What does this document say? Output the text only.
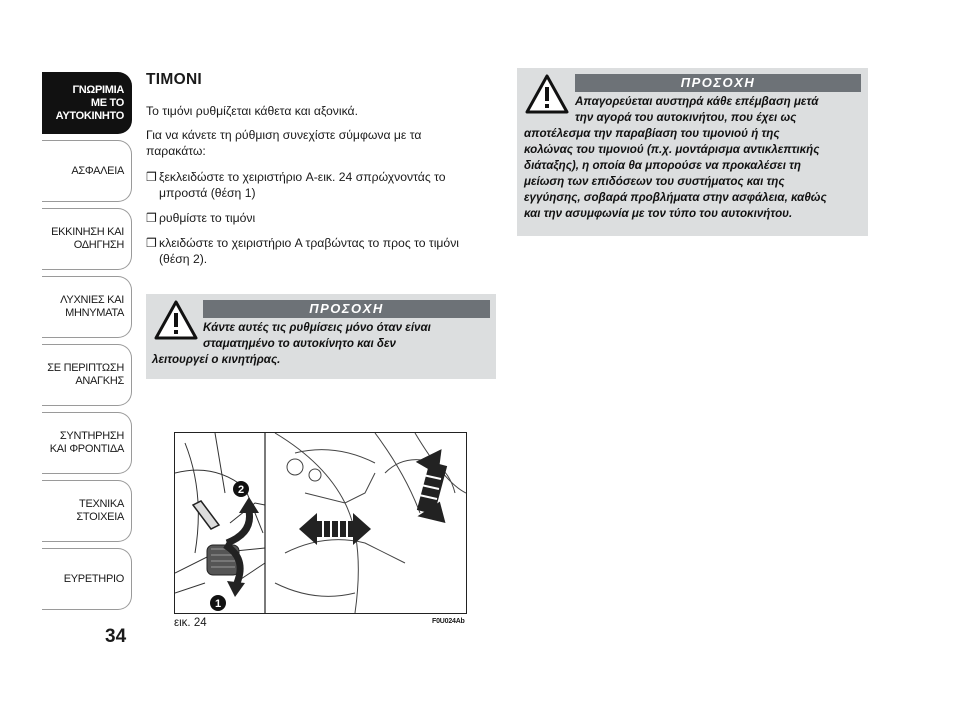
ΓΝΩΡΙΜΙΑ
ΜΕ ΤΟ
ΑΥΤΟΚΙΝΗΤΟ
ΑΣΦΑΛΕΙΑ
ΕΚΚΙΝΗΣΗ ΚΑΙ
ΟΔΗΓΗΣΗ
ΛΥΧΝΙΕΣ ΚΑΙ
ΜΗΝΥΜΑΤΑ
ΣΕ ΠΕΡΙΠΤΩΣΗ
ΑΝΑΓΚΗΣ
ΣΥΝΤΗΡΗΣΗ
ΚΑΙ ΦΡΟΝΤΙΔΑ
ΤΕΧΝΙΚΑ
ΣΤΟΙΧΕΙΑ
ΕΥΡΕΤΗΡΙΟ
34
ΤΙΜΟΝΙ
Το τιμόνι ρυθμίζεται κάθετα και αξονικά.
Για να κάνετε τη ρύθμιση συνεχίστε σύμφωνα με τα
παρακάτω:
❒ ξεκλειδώστε το χειριστήριο A-εικ. 24 σπρώχνοντάς το
μπροστά (θέση 1)
❒ ρυθμίστε το τιμόνι
❒ κλειδώστε το χειριστήριο A τραβώντας το προς το τιμόνι
(θέση 2).
ΠΡΟΣΟΧΗ
Κάντε αυτές τις ρυθμίσεις μόνο όταν είναι
σταματημένο το αυτοκίνητο και δεν
λειτουργεί ο κινητήρας.
ΠΡΟΣΟΧΗ
Απαγορεύεται αυστηρά κάθε επέμβαση μετά
την αγορά του αυτοκινήτου, που έχει ως
αποτέλεσμα την παραβίαση του τιμονιού ή της
κολώνας του τιμονιού (π.χ. μοντάρισμα αντικλεπτικής
διάταξης), η οποία θα μπορούσε να προκαλέσει τη
μείωση των επιδόσεων του συστήματος και της
εγγύησης, σοβαρά προβλήματα στην ασφάλεια, καθώς
και την ασυμφωνία με τον τύπο του αυτοκινήτου.
2
1
εικ. 24	F0U024Ab
